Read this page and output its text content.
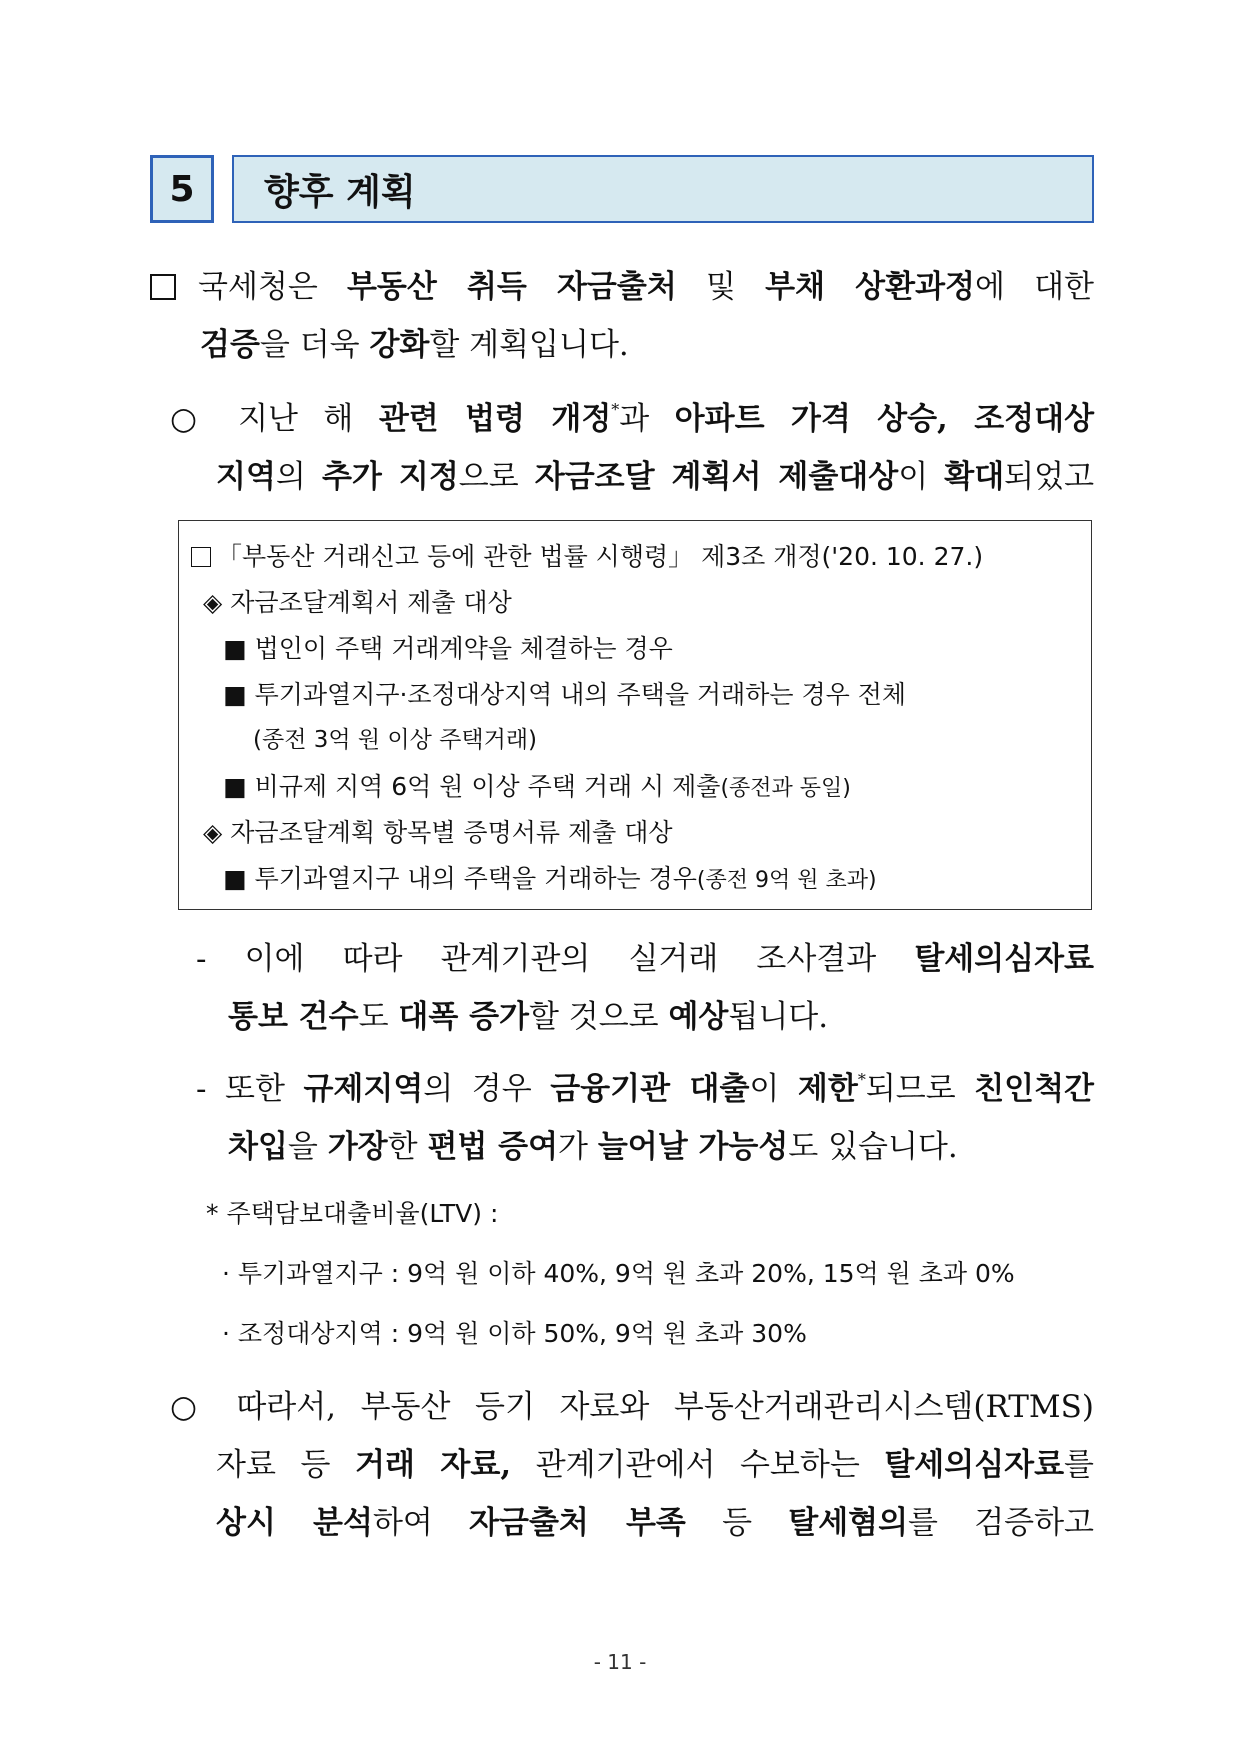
5	향후 계획
국세청은 부동산 취득 자금출처 및 부채 상환과정에 대한
검증을 더욱 강화할 계획입니다.
○ 지난 해 관련 법령 개정*과 아파트 가격 상승, 조정대상
지역의 추가 지정으로 자금조달 계획서 제출대상이 확대되었고
「부동산 거래신고 등에 관한 법률 시행령」 제3조 개정('20. 10. 27.)
◈ 자금조달계획서 제출 대상
■ 법인이 주택 거래계약을 체결하는 경우
■ 투기과열지구·조정대상지역 내의 주택을 거래하는 경우 전체
(종전 3억 원 이상 주택거래)
■ 비규제 지역 6억 원 이상 주택 거래 시 제출(종전과 동일)
◈ 자금조달계획 항목별 증명서류 제출 대상
■ 투기과열지구 내의 주택을 거래하는 경우(종전 9억 원 초과)
- 이에 따라 관계기관의 실거래 조사결과 탈세의심자료
통보 건수도 대폭 증가할 것으로 예상됩니다.
- 또한 규제지역의 경우 금융기관 대출이 제한*되므로 친인척간
차입을 가장한 편법 증여가 늘어날 가능성도 있습니다.
* 주택담보대출비율(LTV) :
· 투기과열지구 : 9억 원 이하 40%, 9억 원 초과 20%, 15억 원 초과 0%
· 조정대상지역 : 9억 원 이하 50%, 9억 원 초과 30%
○ 따라서, 부동산 등기 자료와 부동산거래관리시스템(RTMS)
자료 등 거래 자료, 관계기관에서 수보하는 탈세의심자료를
상시 분석하여 자금출처 부족 등 탈세혐의를 검증하고
- 11 -
